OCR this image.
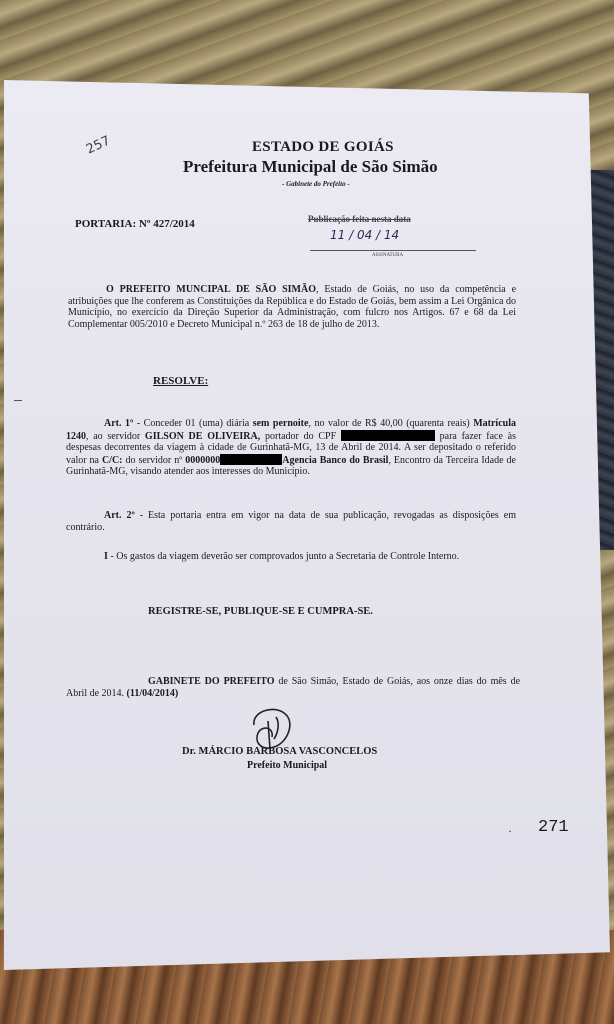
257	ESTADO DE GOIÁS
Prefeitura Municipal de São Simão
- Gabinete do Prefeito -
PORTARIA: Nº 427/2014	Publicação feita nesta data
11 / 04 / 14
ASSINATURA
O PREFEITO MUNCIPAL DE SÃO SIMÃO, Estado de Goiás, no uso da competência e atribuições que lhe conferem as Constituições da República e do Estado de Goiás, bem assim a Lei Orgânica do Município, no exercício da Direção Superior da Administração, com fulcro nos Artigos. 67 e 68 da Lei Complementar 005/2010 e Decreto Municipal n.º 263 de 18 de julho de 2013.
RESOLVE:
Art. 1º - Conceder 01 (uma) diária sem pernoite, no valor de R$ 40,00 (quarenta reais) Matrícula 1240, ao servidor GILSON DE OLIVEIRA, portador do CPF	para fazer face às despesas decorrentes da viagem à cidade de Gurinhatã-MG, 13 de Abril de 2014. A ser depositado o referido valor na C/C: do servidor nº 0000000	Agencia Banco do Brasil, Encontro da Terceira Idade de Gurinhatã-MG, visando atender aos interesses do Município.
Art. 2º - Esta portaria entra em vigor na data de sua publicação, revogadas as disposições em contrário.
I - Os gastos da viagem deverão ser comprovados junto a Secretaria de Controle Interno.
REGISTRE-SE, PUBLIQUE-SE E CUMPRA-SE.
GABINETE DO PREFEITO de São Simão, Estado de Goiás, aos onze dias do mês de Abril de 2014. (11/04/2014)
Dr. MÁRCIO BARBOSA VASCONCELOS
Prefeito Municipal
· 271
